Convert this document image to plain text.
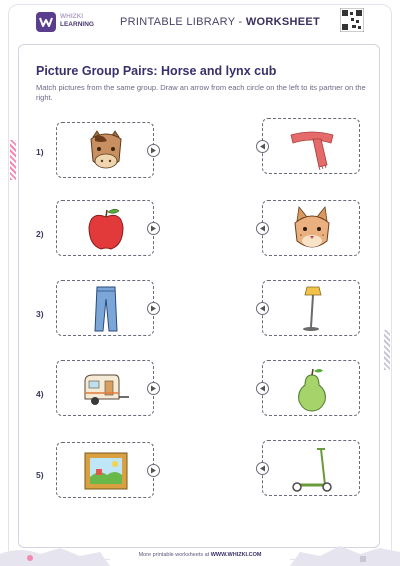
WHIZKI
LEARNING PRINTABLE LIBRARY - WORKSHEET
Picture Group Pairs: Horse and lynx cub
Match pictures from the same group. Draw an arrow from each circle on the left to its partner on the right.
1)
2)
3)
4)
5)
More printable worksheets at WWW.WHIZKI.COM
